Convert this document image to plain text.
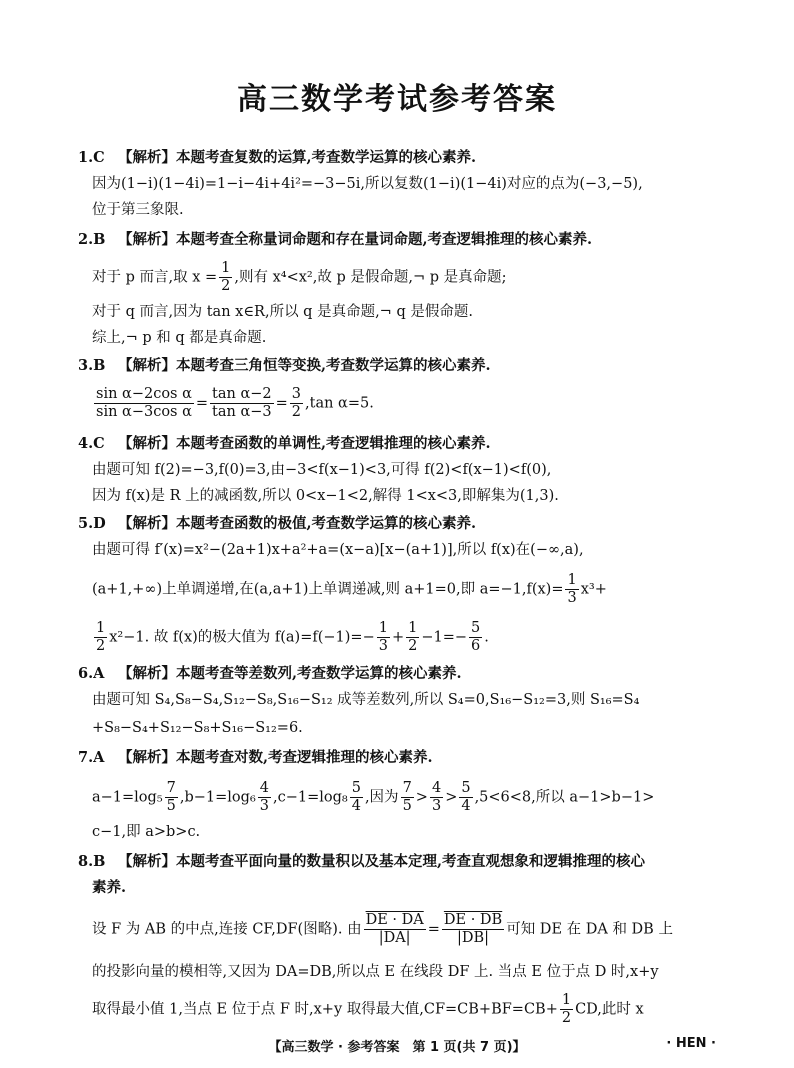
高三数学考试参考答案
1.C 【解析】本题考查复数的运算,考查数学运算的核心素养.
因为(1−i)(1−4i)=1−i−4i+4i²=−3−5i,所以复数(1−i)(1−4i)对应的点为(−3,−5),
位于第三象限.
2.B 【解析】本题考查全称量词命题和存在量词命题,考查逻辑推理的核心素养.
对于 p 而言,取 $x = \frac{1}{2}$ ,则有 x⁴<x²,故 p 是假命题,¬ p 是真命题;
对于 q 而言,因为 tan x∈R,所以 q 是真命题,¬ q 是假命题.
综上,¬ p 和 q 都是真命题.
3.B 【解析】本题考查三角恒等变换,考查数学运算的核心素养.
$\frac{\text{sin α−2cos α}}{\text{sin α−3cos α}} = \frac{\text{tan α−2}}{\text{tan α−3}} = \frac{3}{2} ,\tan$ α=5.
4.C 【解析】本题考查函数的单调性,考查逻辑推理的核心素养.
由题可知 f(2)=−3,f(0)=3,由−3<f(x−1)<3,可得 f(2)<f(x−1)<f(0),
因为 f(x)是 R 上的减函数,所以 0<x−1<2,解得 1<x<3,即解集为(1,3).
5.D 【解析】本题考查函数的极值,考查数学运算的核心素养.
由题可得 f′(x)=x²−(2a+1)x+a²+a=(x−a)[x−(a+1)],所以 f(x)在(−∞,a),
(a+1,+∞)上单调递增,在(a,a+1)上单调递减,则 a+1=0,即 $a=-1,f(x)= \frac{1}{3} x^3+$
$\frac{1}{2} x^2-1$. 故 f(x)的极大值为 $f(a)=f(-1)=- \frac{1}{3} + \frac{1}{2} -1=- \frac{5}{6}$ .
6.A 【解析】本题考查等差数列,考查数学运算的核心素养.
由题可知 S₄,S₈−S₄,S₁₂−S₈,S₁₆−S₁₂ 成等差数列,所以 S₄=0,S₁₆−S₁₂=3,则 S₁₆=S₄
+S₈−S₄+S₁₂−S₈+S₁₆−S₁₂=6.
7.A 【解析】本题考查对数,考查逻辑推理的核心素养.
$a-1=\log_5 \frac{7}{5} ,b-1=\log_6 \frac{4}{3} ,c-1=\log_8 \frac{5}{4}$ ,因为 $\frac{7}{5} > \frac{4}{3} > \frac{5}{4} ,5<6<8$,所以 a−1>b−1>
c−1,即 a>b>c.
8.B 【解析】本题考查平面向量的数量积以及基本定理,考查直观想象和逻辑推理的核心
素养.
设 F 为 AB 的中点,连接 CF,DF(图略). 由 $\frac{DE \cdot DA}{|DA|} = \frac{DE \cdot DB}{|DB|}$ 可知 DE 在 DA 和 DB 上
的投影向量的模相等,又因为 DA=DB,所以点 E 在线段 DF 上. 当点 E 位于点 D 时,x+y
取得最小值 1,当点 E 位于点 F 时,x+y 取得最大值$,CF=CB+BF=CB+ \frac{1}{2}$ CD,此时 x
【高三数学 · 参考答案　第 1 页(共 7 页)】	· HEN ·
